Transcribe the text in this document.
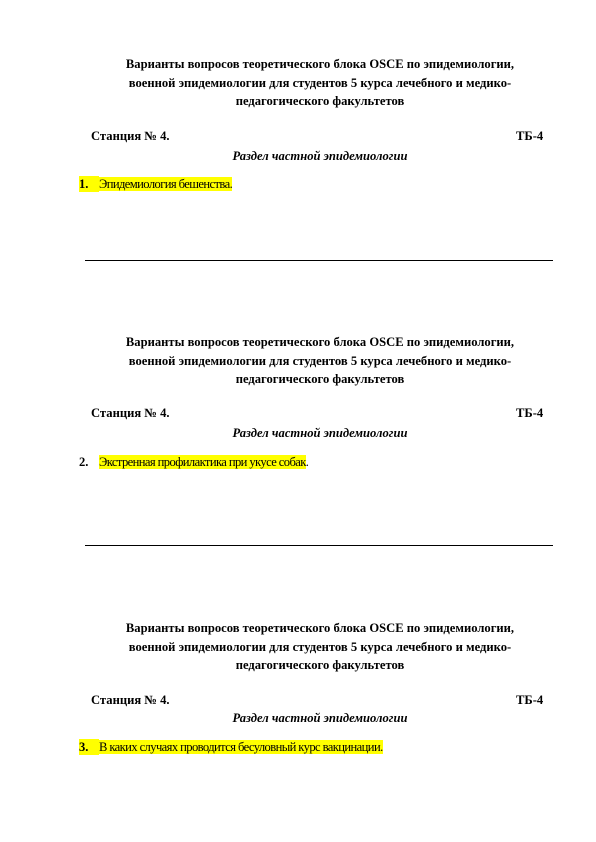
Варианты вопросов теоретического блока OSCE по эпидемиологии,
военной эпидемиологии для студентов 5 курса лечебного и медико-
педагогического факультетов
Станция № 4.	ТБ-4
Раздел частной эпидемиологии
1. Эпидемиология бешенства.
Варианты вопросов теоретического блока OSCE по эпидемиологии,
военной эпидемиологии для студентов 5 курса лечебного и медико-
педагогического факультетов
Станция № 4.	ТБ-4
Раздел частной эпидемиологии
2. Экстренная профилактика при укусе собак.
Варианты вопросов теоретического блока OSCE по эпидемиологии,
военной эпидемиологии для студентов 5 курса лечебного и медико-
педагогического факультетов
Станция № 4.	ТБ-4
Раздел частной эпидемиологии
3. В каких случаях проводится бесуловный курс вакцинации.
